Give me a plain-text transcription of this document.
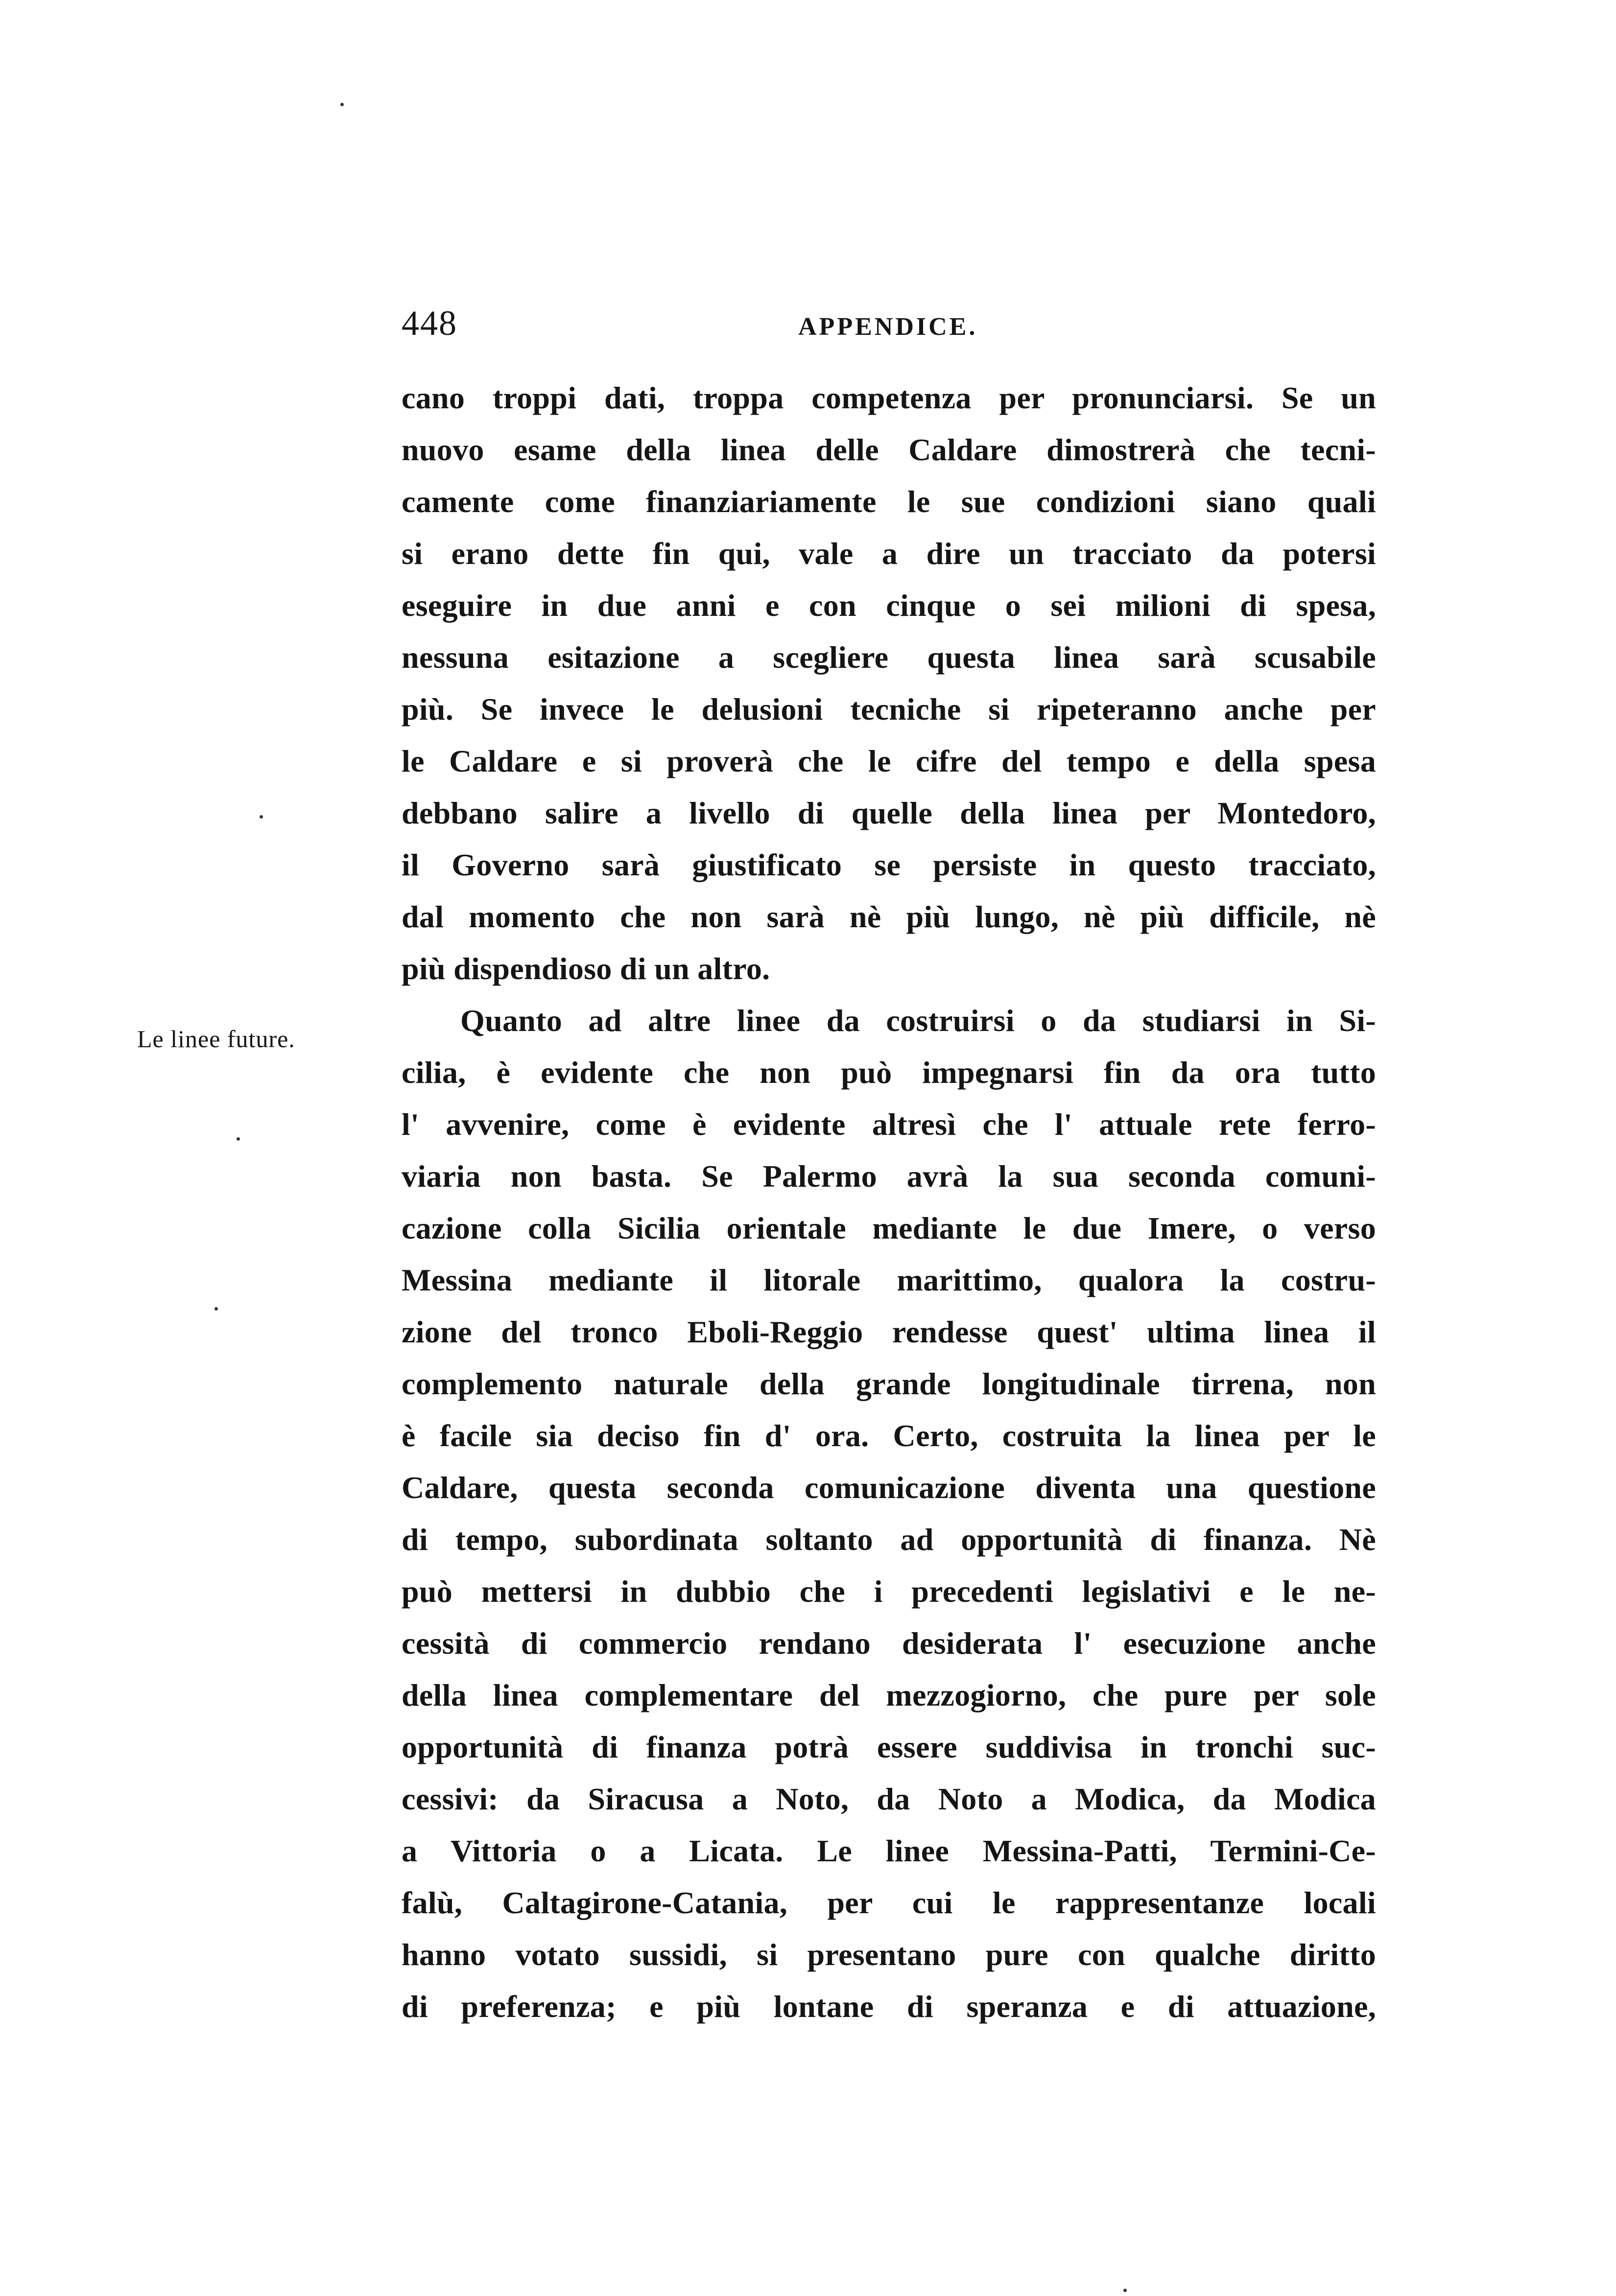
448	APPENDICE.
Le linee future.
cano troppi dati, troppa competenza per pronunciarsi. Se un
nuovo esame della linea delle Caldare dimostrerà che tecni-
camente come finanziariamente le sue condizioni siano quali
si erano dette fin qui, vale a dire un tracciato da potersi
eseguire in due anni e con cinque o sei milioni di spesa,
nessuna esitazione a scegliere questa linea sarà scusabile
più. Se invece le delusioni tecniche si ripeteranno anche per
le Caldare e si proverà che le cifre del tempo e della spesa
debbano salire a livello di quelle della linea per Montedoro,
il Governo sarà giustificato se persiste in questo tracciato,
dal momento che non sarà nè più lungo, nè più difficile, nè
più dispendioso di un altro.
Quanto ad altre linee da costruirsi o da studiarsi in Si-
cilia, è evidente che non può impegnarsi fin da ora tutto
l' avvenire, come è evidente altresì che l' attuale rete ferro-
viaria non basta. Se Palermo avrà la sua seconda comuni-
cazione colla Sicilia orientale mediante le due Imere, o verso
Messina mediante il litorale marittimo, qualora la costru-
zione del tronco Eboli-Reggio rendesse quest' ultima linea il
complemento naturale della grande longitudinale tirrena, non
è facile sia deciso fin d' ora. Certo, costruita la linea per le
Caldare, questa seconda comunicazione diventa una questione
di tempo, subordinata soltanto ad opportunità di finanza. Nè
può mettersi in dubbio che i precedenti legislativi e le ne-
cessità di commercio rendano desiderata l' esecuzione anche
della linea complementare del mezzogiorno, che pure per sole
opportunità di finanza potrà essere suddivisa in tronchi suc-
cessivi: da Siracusa a Noto, da Noto a Modica, da Modica
a Vittoria o a Licata. Le linee Messina-Patti, Termini-Ce-
falù, Caltagirone-Catania, per cui le rappresentanze locali
hanno votato sussidi, si presentano pure con qualche diritto
di preferenza; e più lontane di speranza e di attuazione,
